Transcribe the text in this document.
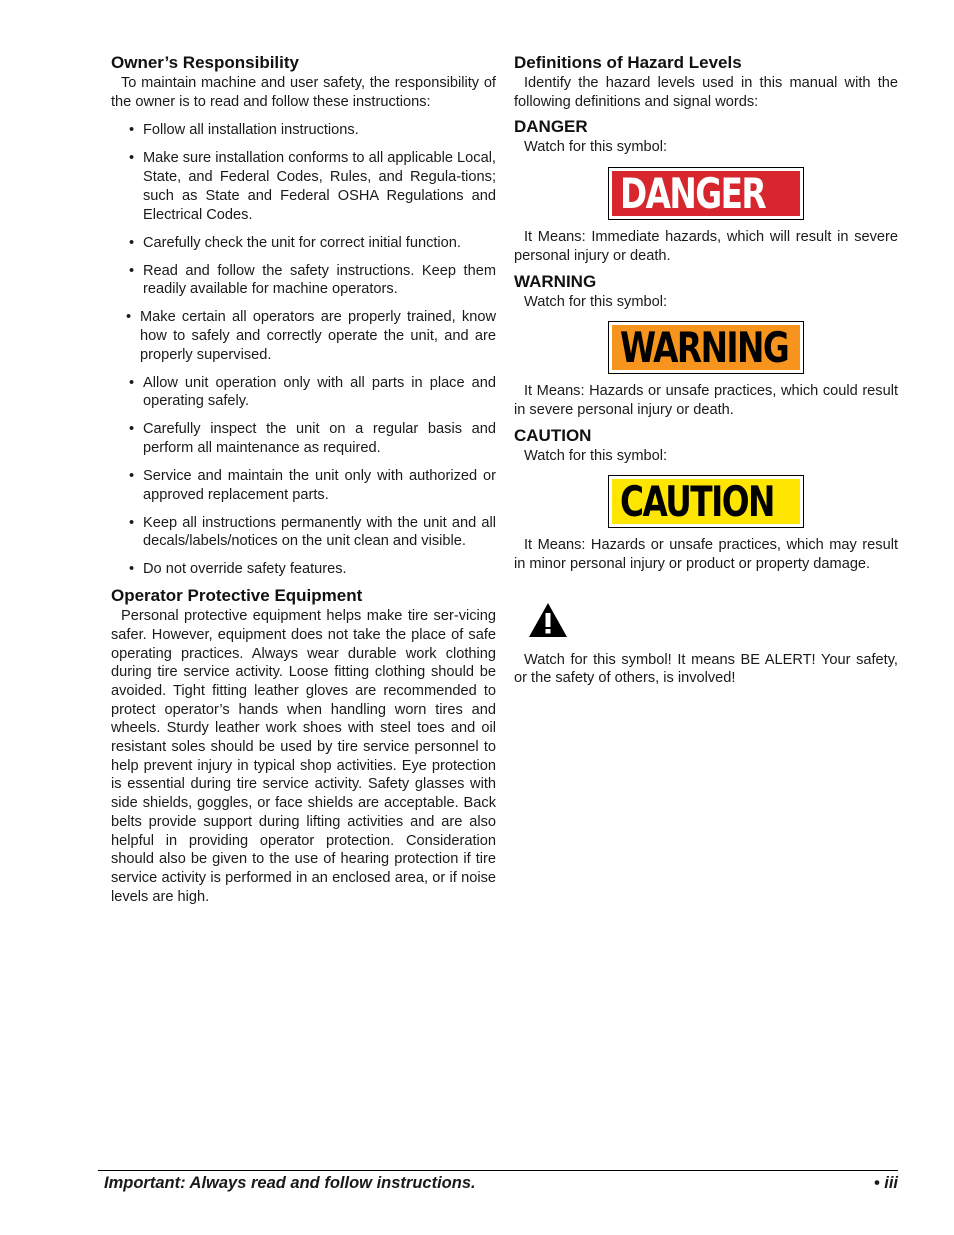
Owner’s Responsibility

To maintain machine and user safety, the responsibility of the owner is to read and follow these instructions:

• Follow all installation instructions.
• Make sure installation conforms to all applicable Local, State, and Federal Codes, Rules, and Regula-tions; such as State and Federal OSHA Regulations and Electrical Codes.
• Carefully check the unit for correct initial function.
• Read and follow the safety instructions. Keep them readily available for machine operators.
• Make certain all operators are properly trained, know how to safely and correctly operate the unit, and are properly supervised.
• Allow unit operation only with all parts in place and operating safely.
• Carefully inspect the unit on a regular basis and perform all maintenance as required.
• Service and maintain the unit only with authorized or approved replacement parts.
• Keep all instructions permanently with the unit and all decals/labels/notices on the unit clean and visible.
• Do not override safety features.
Operator Protective Equipment

Personal protective equipment helps make tire ser-vicing safer. However, equipment does not take the place of safe operating practices. Always wear durable work clothing during tire service activity. Loose fitting clothing should be avoided. Tight fitting leather gloves are recommended to protect operator’s hands when handling worn tires and wheels. Sturdy leather work shoes with steel toes and oil resistant soles should be used by tire service personnel to help prevent injury in typical shop activities. Eye protection is essential during tire service activity. Safety glasses with side shields, goggles, or face shields are acceptable. Back belts provide support during lifting activities and are also helpful in providing operator protection. Consideration should also be given to the use of hearing protection if tire service activity is performed in an enclosed area, or if noise levels are high.

Definitions of Hazard Levels

Identify the hazard levels used in this manual with the following definitions and signal words:

DANGER

Watch for this symbol:

DANGER

It Means: Immediate hazards, which will result in severe personal injury or death.

WARNING

Watch for this symbol:

WARNING

It Means: Hazards or unsafe practices, which could result in severe personal injury or death.

CAUTION

Watch for this symbol:

CAUTION

It Means: Hazards or unsafe practices, which may result in minor personal injury or product or property damage.

Watch for this symbol! It means BE ALERT! Your safety, or the safety of others, is involved!

Important: Always read and follow instructions.	• iii
